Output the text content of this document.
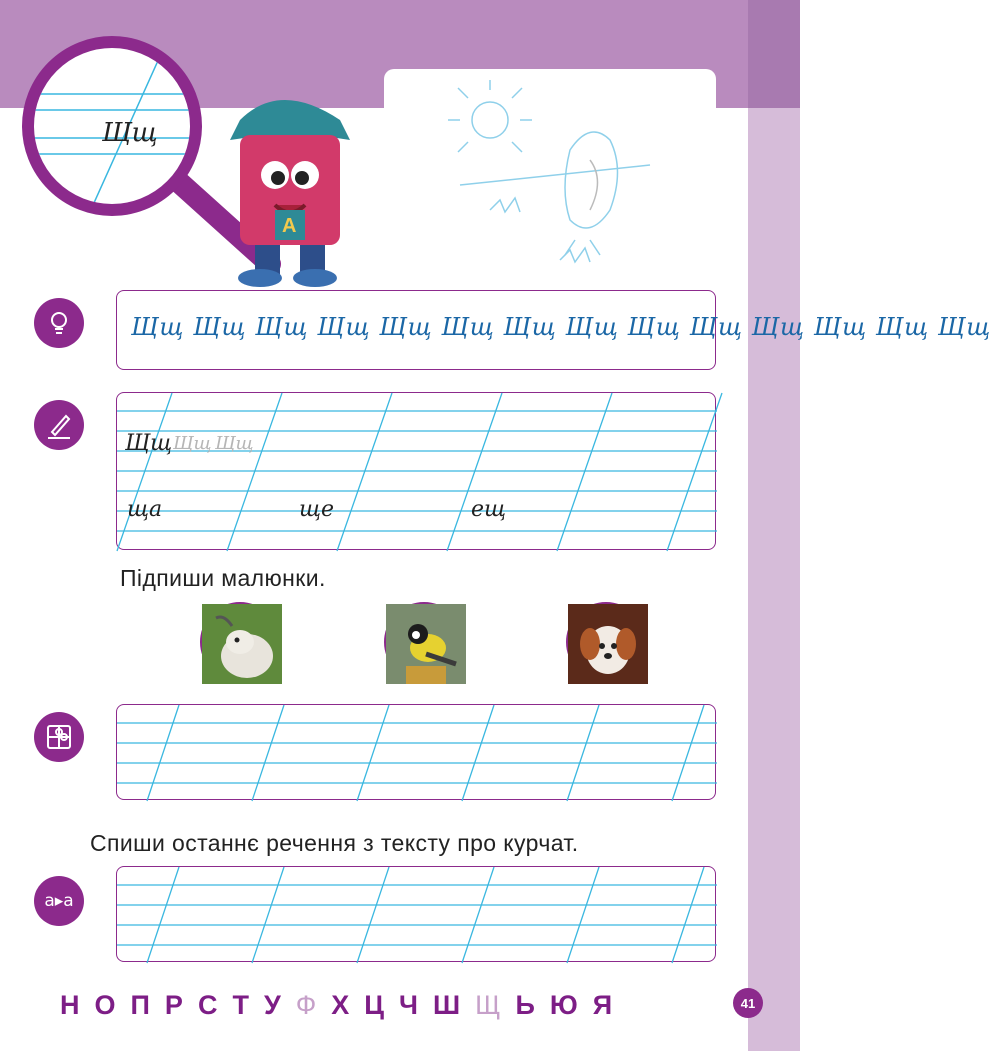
Щщ
A
Щщ Щщ Щщ Щщ Щщ Щщ Щщ Щщ Щщ Щщ Щщ Щщ Щщ Щщ
Щщ Щщ Щщ
ща	ще	ещ
Підпиши малюнки.
Спиши останнє речення з тексту про курчат.
а▸а
Н О П Р С Т У Ф Х Ц Ч Ш Щ Ь Ю Я	41
